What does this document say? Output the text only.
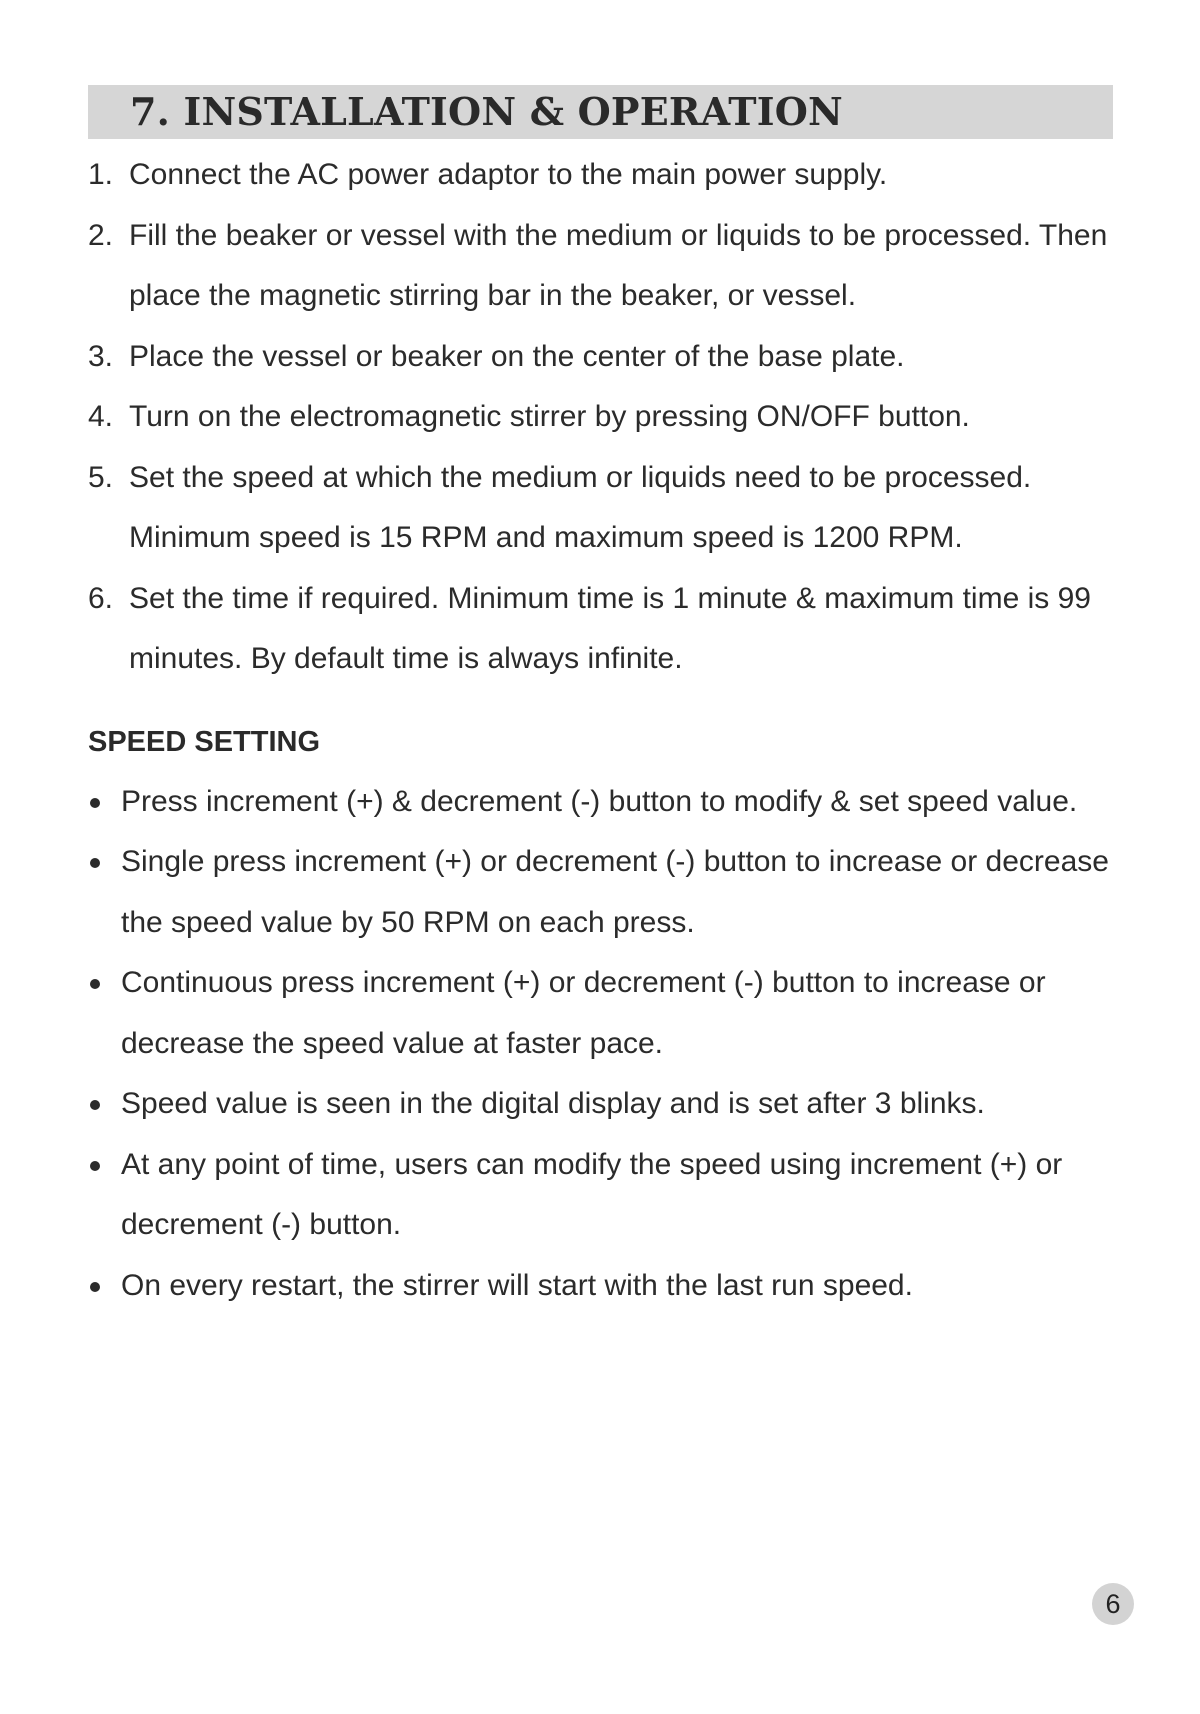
7. INSTALLATION & OPERATION
1. Connect the AC power adaptor to the main power supply.
2. Fill the beaker or vessel with the medium or liquids to be processed. Then place the magnetic stirring bar in the beaker, or vessel.
3. Place the vessel or beaker on the center of the base plate.
4. Turn on the electromagnetic stirrer by pressing ON/OFF button.
5. Set the speed at which the medium or liquids need to be processed. Minimum speed is 15 RPM and maximum speed is 1200 RPM.
6. Set the time if required. Minimum time is 1 minute & maximum time is 99 minutes. By default time is always infinite.
SPEED SETTING
Press increment (+) & decrement (-) button to modify & set speed value.
Single press increment (+) or decrement (-) button to increase or decrease the speed value by 50 RPM on each press.
Continuous press increment (+) or decrement (-) button to increase or decrease the speed value at faster pace.
Speed value is seen in the digital display and is set after 3 blinks.
At any point of time, users can modify the speed using increment (+) or decrement (-) button.
On every restart, the stirrer will start with the last run speed.
6
